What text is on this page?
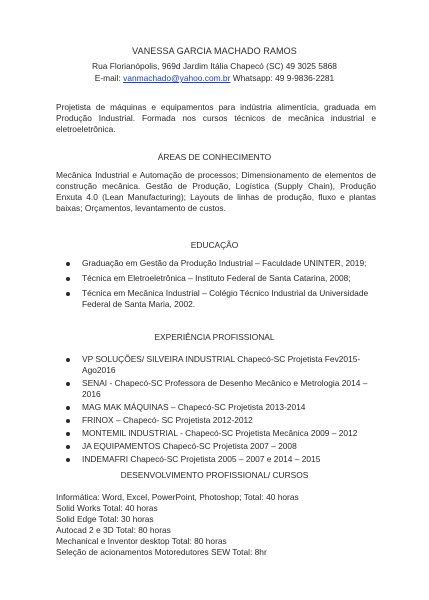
VANESSA GARCIA MACHADO RAMOS
Rua Florianópolis, 969d Jardim Itália Chapecó (SC) 49 3025 5868
E-mail: vanmachado@yahoo.com.br Whatsapp: 49 9-9836-2281
Projetista de máquinas e equipamentos para indústria alimentícia, graduada em Produção Industrial. Formada nos cursos técnicos de mecânica industrial e eletroeletrônica.
ÁREAS DE CONHECIMENTO
Mecânica Industrial e Automação de processos; Dimensionamento de elementos de construção mecânica. Gestão de Produção, Logística (Supply Chain), Produção Enxuta 4.0 (Lean Manufacturing); Layouts de linhas de produção, fluxo e plantas baixas; Orçamentos, levantamento de custos.
EDUCAÇÃO
Graduação em Gestão da Produção Industrial – Faculdade UNINTER, 2019;
Técnica em Eletroeletrônica – Instituto Federal de Santa Catarina, 2008;
Técnica em Mecânica Industrial – Colégio Técnico Industrial da Universidade Federal de Santa Maria, 2002.
EXPERIÊNCIA PROFISSIONAL
VP SOLUÇÕES/ SILVEIRA INDUSTRIAL Chapecó-SC Projetista Fev2015-Ago2016
SENAI - Chapecó-SC Professora de Desenho Mecânico e Metrologia 2014 – 2016
MAG MAK MÁQUINAS – Chapecó-SC Projetista 2013-2014
FRINOX – Chapecó- SC Projetista 2012-2012
MONTEMIL INDUSTRIAL - Chapecó-SC Projetista Mecânica 2009 – 2012
JA EQUIPAMENTOS Chapecó-SC Projetista 2007 – 2008
INDEMAFRI Chapecó-SC Projetista 2005 – 2007 e 2014 – 2015
DESENVOLVIMENTO PROFISSIONAL/ CURSOS
Informática: Word, Excel, PowerPoint, Photoshop; Total: 40 horas
Solid Works Total: 40 horas
Solid Edge Total: 30 horas
Autocad 2 e 3D Total: 80 horas
Mechanical e Inventor desktop Total: 80 horas
Seleção de acionamentos Motoredutores SEW Total: 8hr
